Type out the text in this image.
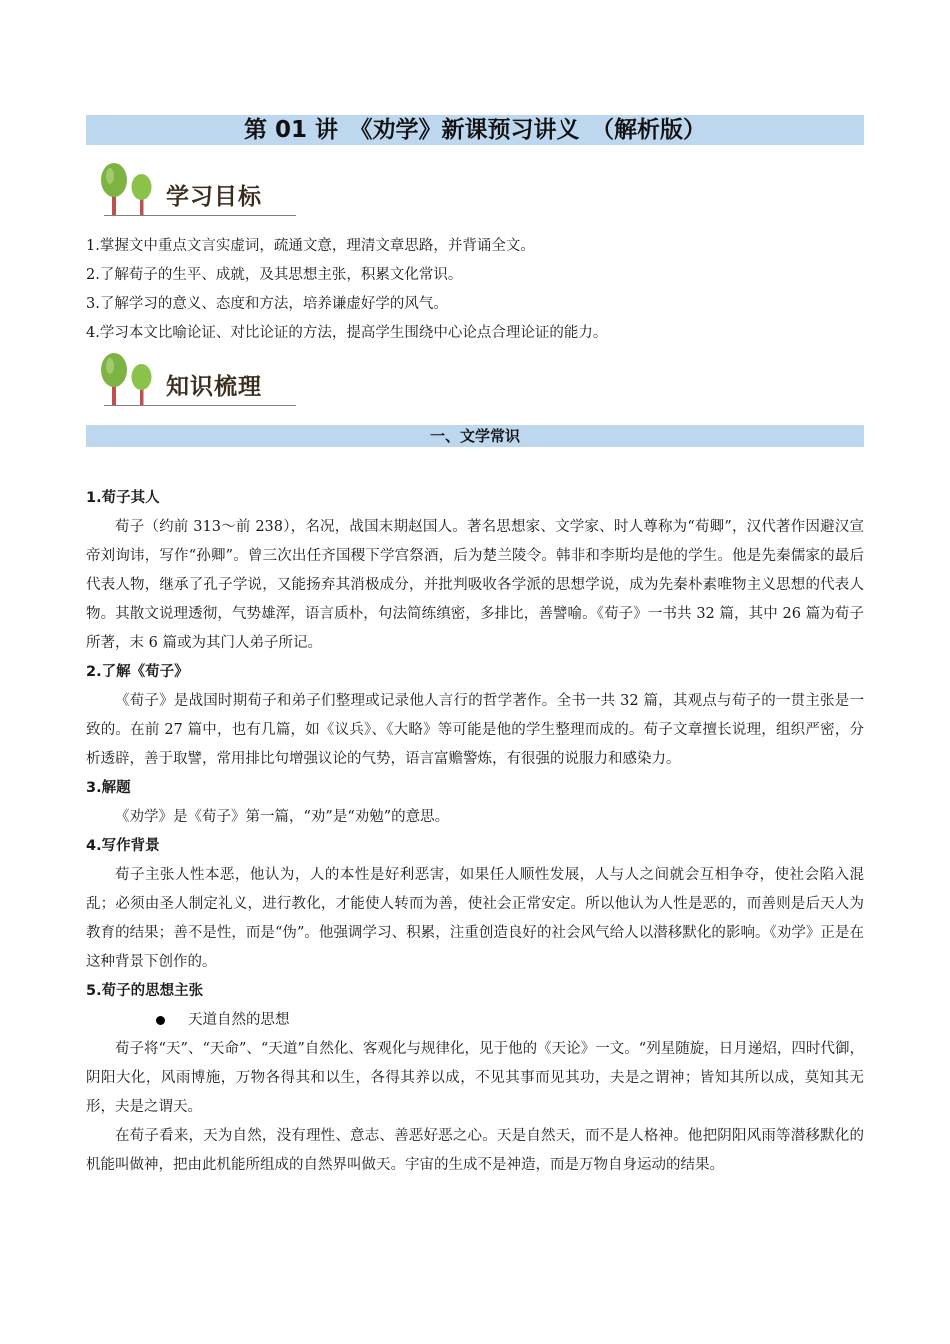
第 01 讲　《劝学》新课预习讲义　（解析版）
学习目标
1.掌握文中重点文言实虚词，疏通文意，理清文章思路，并背诵全文。
2.了解荀子的生平、成就，及其思想主张，积累文化常识。
3.了解学习的意义、态度和方法，培养谦虚好学的风气。
4.学习本文比喻论证、对比论证的方法，提高学生围绕中心论点合理论证的能力。
知识梳理
一、文学常识
1.荀子其人
荀子（约前 313～前 238），名况，战国末期赵国人。著名思想家、文学家、时人尊称为“荀卿”，汉代著作因避汉宣帝刘询讳，写作“孙卿”。曾三次出任齐国稷下学宫祭酒，后为楚兰陵令。韩非和李斯均是他的学生。他是先秦儒家的最后代表人物，继承了孔子学说，又能扬弃其消极成分，并批判吸收各学派的思想学说，成为先秦朴素唯物主义思想的代表人物。其散文说理透彻，气势雄浑，语言质朴，句法简练缜密，多排比，善譬喻。《荀子》一书共 32 篇，其中 26 篇为荀子所著，末 6 篇或为其门人弟子所记。
2.了解《荀子》
《荀子》是战国时期荀子和弟子们整理或记录他人言行的哲学著作。全书一共 32 篇，其观点与荀子的一贯主张是一致的。在前 27 篇中，也有几篇，如《议兵》、《大略》等可能是他的学生整理而成的。荀子文章擅长说理，组织严密，分析透辟，善于取譬，常用排比句增强议论的气势，语言富赡警炼，有很强的说服力和感染力。
3.解题
《劝学》是《荀子》第一篇，“劝”是“劝勉”的意思。
4.写作背景
荀子主张人性本恶，他认为，人的本性是好利恶害，如果任人顺性发展，人与人之间就会互相争夺，使社会陷入混乱；必须由圣人制定礼义，进行教化，才能使人转而为善，使社会正常安定。所以他认为人性是恶的，而善则是后天人为教育的结果；善不是性，而是“伪”。他强调学习、积累，注重创造良好的社会风气给人以潜移默化的影响。《劝学》正是在这种背景下创作的。
5.荀子的思想主张
天道自然的思想
荀子将“天”、“天命”、“天道”自然化、客观化与规律化，见于他的《天论》一文。“列星随旋，日月递炤，四时代御，阴阳大化，风雨博施，万物各得其和以生，各得其养以成，不见其事而见其功，夫是之谓神；皆知其所以成，莫知其无形，夫是之谓天。
在荀子看来，天为自然，没有理性、意志、善恶好恶之心。天是自然天，而不是人格神。他把阴阳风雨等潜移默化的机能叫做神，把由此机能所组成的自然界叫做天。宇宙的生成不是神造，而是万物自身运动的结果。
